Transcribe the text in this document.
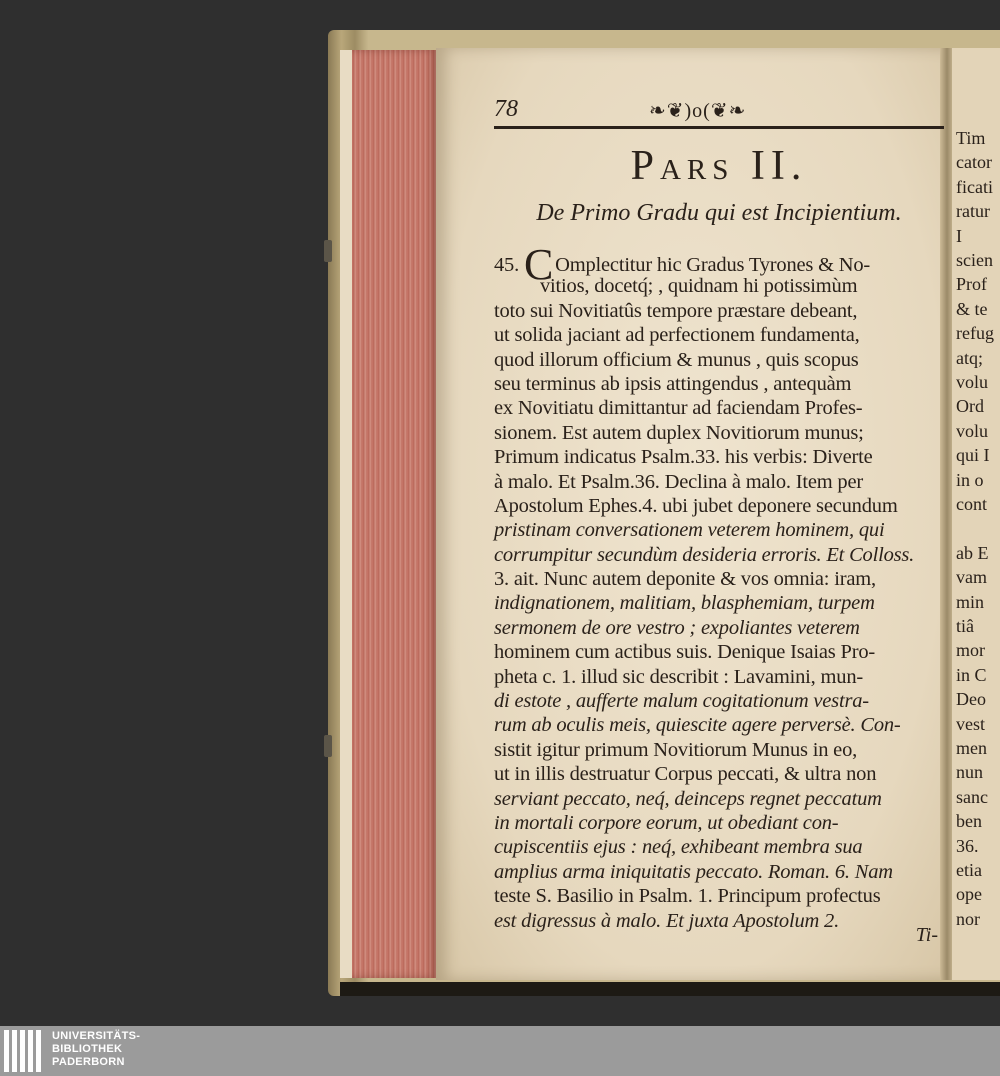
Tim
cator
ficati
ratur
I
scien
Prof
& te
refug
atq;
volu
Ord
volu
qui I
in o
cont
ab E
vam
min
tiâ
mor
in C
Deo
vest
men
nun
sanc
ben
36.
etia
ope
nor
78	❧❦)o(❦❧
Pars II.
De Primo Gradu qui est Incipientium.
45. COmplectitur hic Gradus Tyrones & No-
vitios, docetq́; , quidnam hi potissimùm
toto sui Novitiatûs tempore præstare debeant,
ut solida jaciant ad perfectionem fundamenta,
quod illorum officium & munus , quis scopus
seu terminus ab ipsis attingendus , antequàm
ex Novitiatu dimittantur ad faciendam Profes-
sionem. Est autem duplex Novitiorum munus;
Primum indicatus Psalm.33. his verbis: Diverte
à malo. Et Psalm.36. Declina à malo. Item per
Apostolum Ephes.4. ubi jubet deponere secundum
pristinam conversationem veterem hominem, qui
corrumpitur secundùm desideria erroris. Et Colloss.
3. ait. Nunc autem deponite & vos omnia: iram,
indignationem, malitiam, blasphemiam, turpem
sermonem de ore vestro ; expoliantes veterem
hominem cum actibus suis. Denique Isaias Pro-
pheta c. 1. illud sic describit : Lavamini, mun-
di estote , aufferte malum cogitationum vestra-
rum ab oculis meis, quiescite agere perversè. Con-
sistit igitur primum Novitiorum Munus in eo,
ut in illis destruatur Corpus peccati, & ultra non
serviant peccato, neq́, deinceps regnet peccatum
in mortali corpore eorum, ut obediant con-
cupiscentiis ejus : neq́, exhibeant membra sua
amplius arma iniquitatis peccato. Roman. 6. Nam
teste S. Basilio in Psalm. 1. Principum profectus
est digressus à malo. Et juxta Apostolum 2.
Ti-
UNIVERSITÄTS-
BIBLIOTHEK
PADERBORN
